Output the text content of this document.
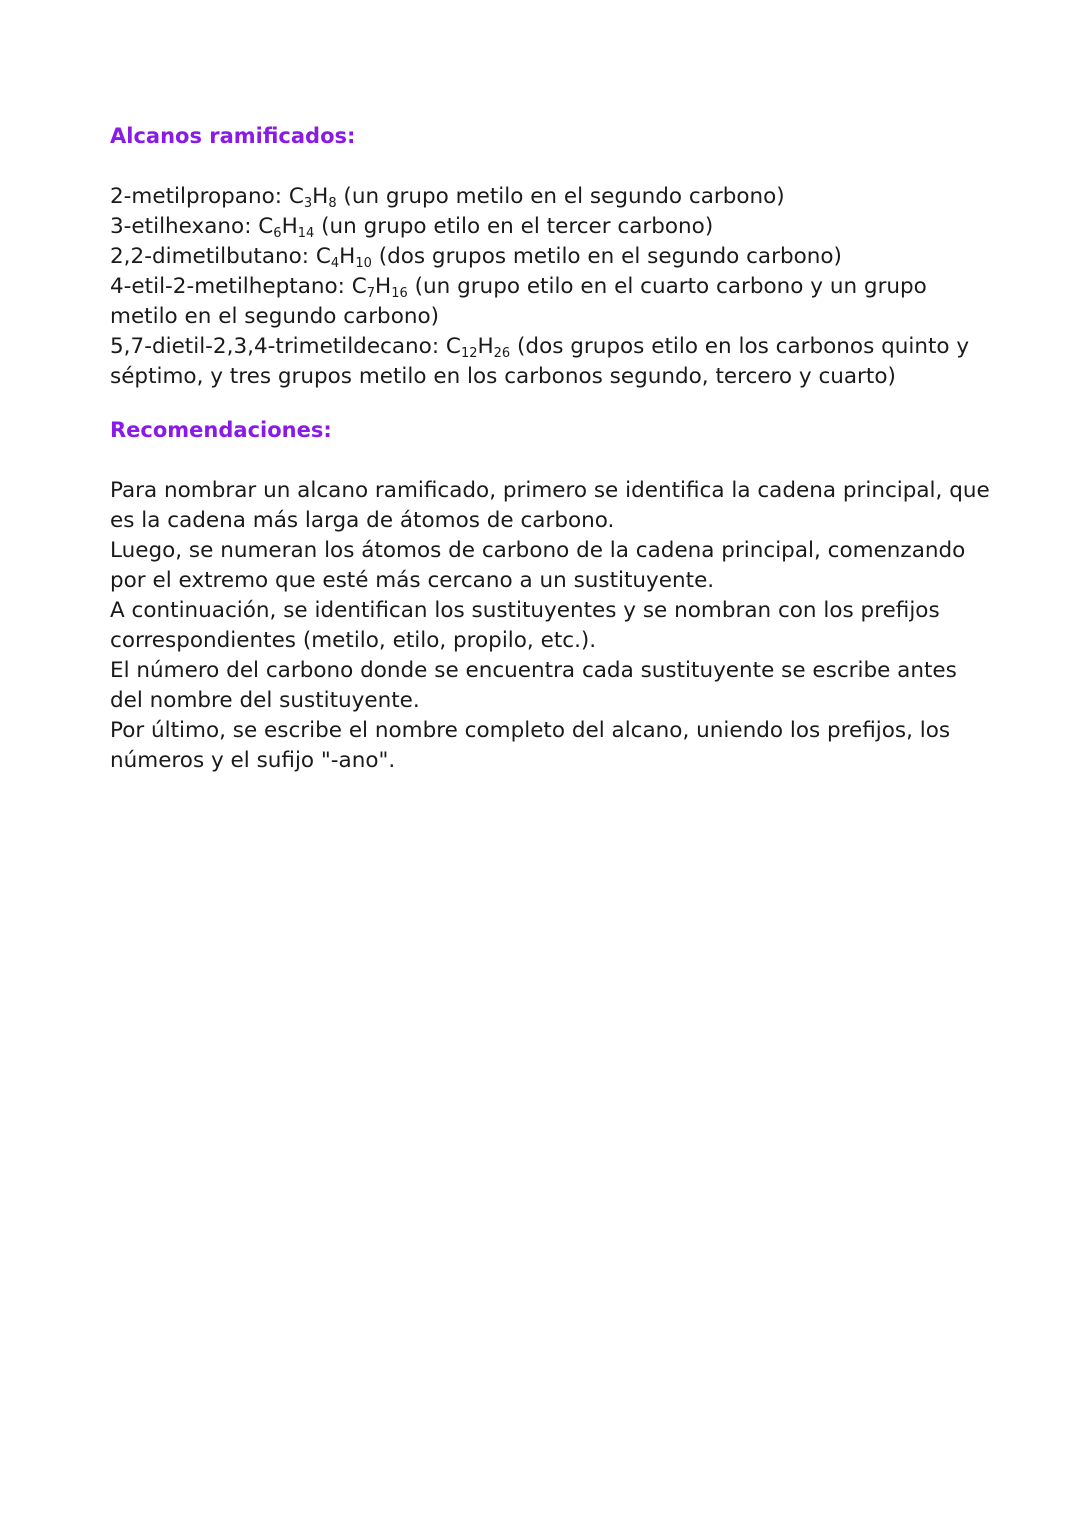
Alcanos ramificados:
2-metilpropano: $C_3H_8$ (un grupo metilo en el segundo carbono)
3-etilhexano: $C_6H_{14}$ (un grupo etilo en el tercer carbono)
2,2-dimetilbutano: $C_4H_{10}$ (dos grupos metilo en el segundo carbono)
4-etil-2-metilheptano: $C_7H_{16}$ (un grupo etilo en el cuarto carbono y un grupo metilo en el segundo carbono)
5,7-dietil-2,3,4-trimetildecano: $C_{12}H_{26}$ (dos grupos etilo en los carbonos quinto y séptimo, y tres grupos metilo en los carbonos segundo, tercero y cuarto)
Recomendaciones:
Para nombrar un alcano ramificado, primero se identifica la cadena principal, que es la cadena más larga de átomos de carbono.
Luego, se numeran los átomos de carbono de la cadena principal, comenzando por el extremo que esté más cercano a un sustituyente.
A continuación, se identifican los sustituyentes y se nombran con los prefijos correspondientes (metilo, etilo, propilo, etc.).
El número del carbono donde se encuentra cada sustituyente se escribe antes del nombre del sustituyente.
Por último, se escribe el nombre completo del alcano, uniendo los prefijos, los números y el sufijo "-ano".
